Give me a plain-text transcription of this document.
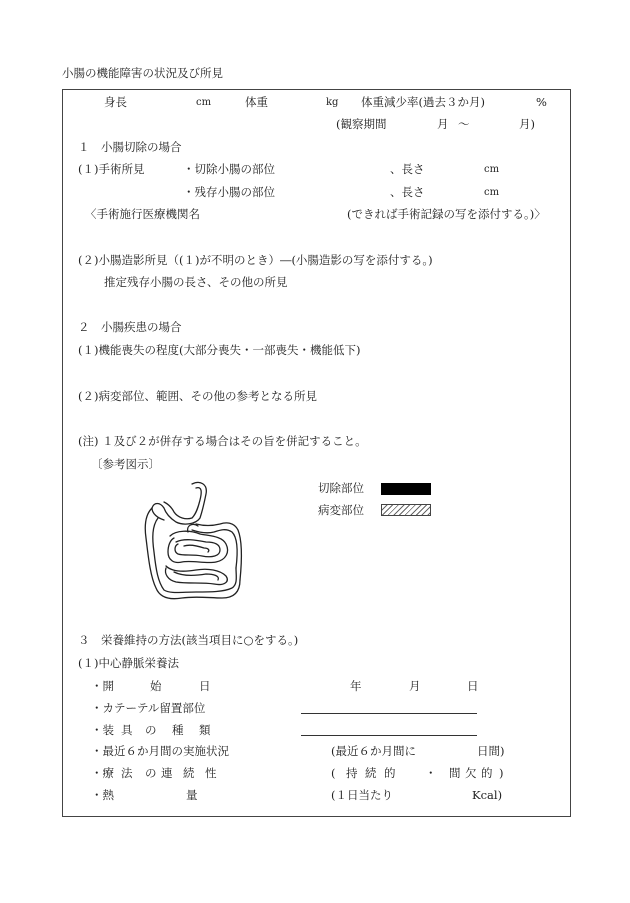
小腸の機能障害の状況及び所見
身長	cm	体重	kg 体重減少率(過去３か月)	%
(観察期間	月 〜	月)
１　小腸切除の場合
(１)手術所見	・切除小腸の部位	、長さ	cm
・残存小腸の部位	、長さ	cm
〈手術施行医療機関名	(できれば手術記録の写を添付する。)〉
(２)小腸造影所見（(１)が不明のとき）―(小腸造影の写を添付する。)
推定残存小腸の長さ、その他の所見
２　小腸疾患の場合
(１)機能喪失の程度(大部分喪失・一部喪失・機能低下)
(２)病変部位、範囲、その他の参考となる所見
(注) １及び２が併存する場合はその旨を併記すること。
〔参考図示〕
切除部位
病変部位
３　栄養維持の方法(該当項目に○をする。)
(１)中心静脈栄養法
・開	始	日	年	月	日
・カテーテル留置部位
・装 具 の 種 類
・最近６か月間の実施状況	(最近６か月間に	日間)
・療 法 の 連 続 性	( 持 続 的	・ 間 欠 的 )
・熱	量	(１日当たり	Kcal)
